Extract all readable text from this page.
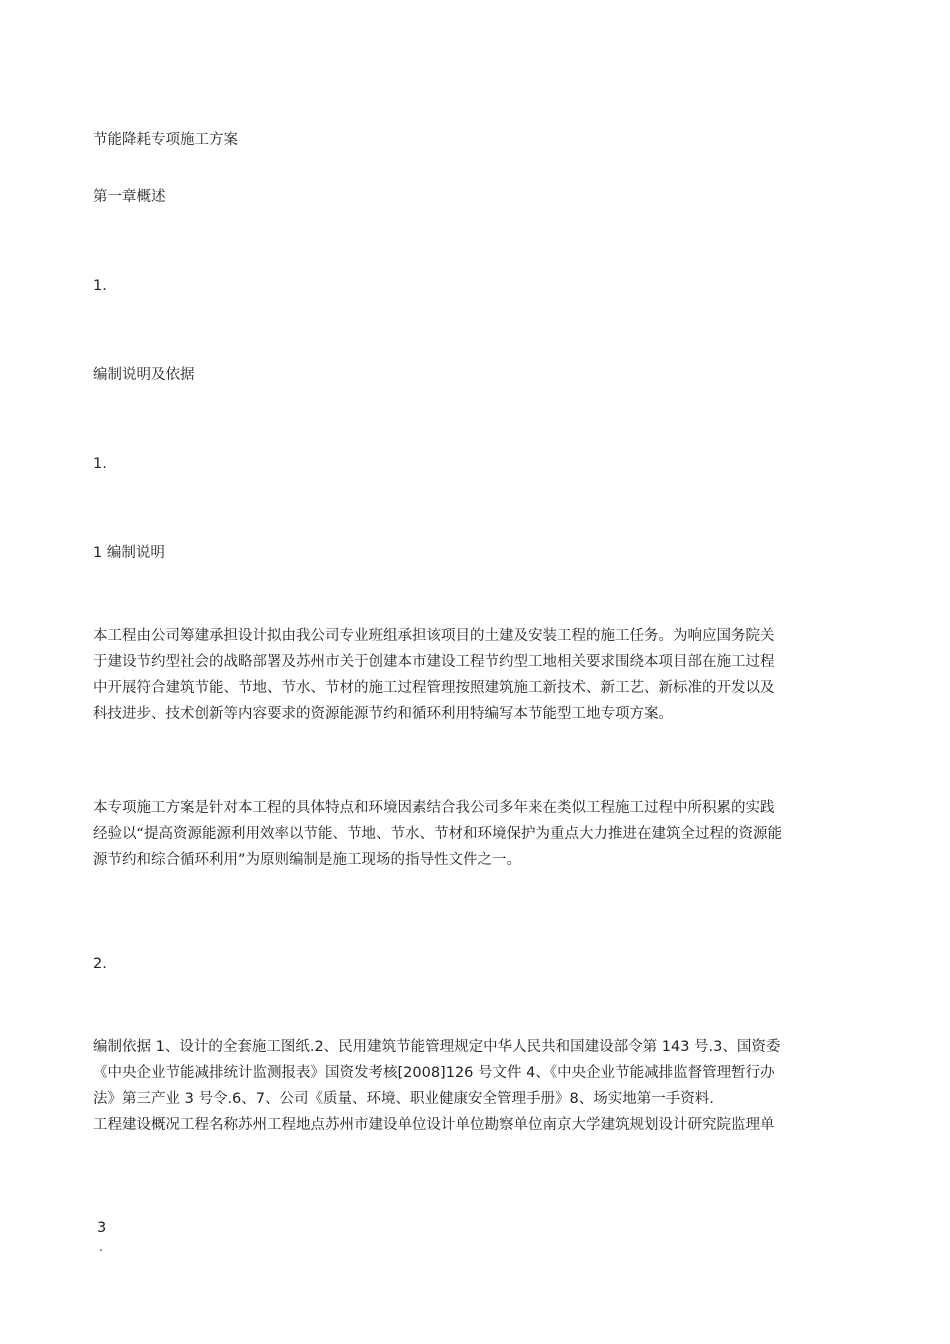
节能降耗专项施工方案
第一章概述
1.
编制说明及依据
1.
1 编制说明
本工程由公司筹建承担设计拟由我公司专业班组承担该项目的土建及安装工程的施工任务。为响应国务院关
于建设节约型社会的战略部署及苏州市关于创建本市建设工程节约型工地相关要求围绕本项目部在施工过程
中开展符合建筑节能、节地、节水、节材的施工过程管理按照建筑施工新技术、新工艺、新标准的开发以及
科技进步、技术创新等内容要求的资源能源节约和循环利用特编写本节能型工地专项方案。
本专项施工方案是针对本工程的具体特点和环境因素结合我公司多年来在类似工程施工过程中所积累的实践
经验以“提高资源能源利用效率以节能、节地、节水、节材和环境保护为重点大力推进在建筑全过程的资源能
源节约和综合循环利用”为原则编制是施工现场的指导性文件之一。
2.
编制依据 1、设计的全套施工图纸.2、民用建筑节能管理规定中华人民共和国建设部令第 143 号.3、国资委
《中央企业节能减排统计监测报表》国资发考核[2008]126 号文件 4、《中央企业节能减排监督管理暂行办
法》第三产业 3 号令.6、7、公司《质量、环境、职业健康安全管理手册》8、场实地第一手资料.
工程建设概况工程名称苏州工程地点苏州市建设单位设计单位勘察单位南京大学建筑规划设计研究院监理单
3
.
